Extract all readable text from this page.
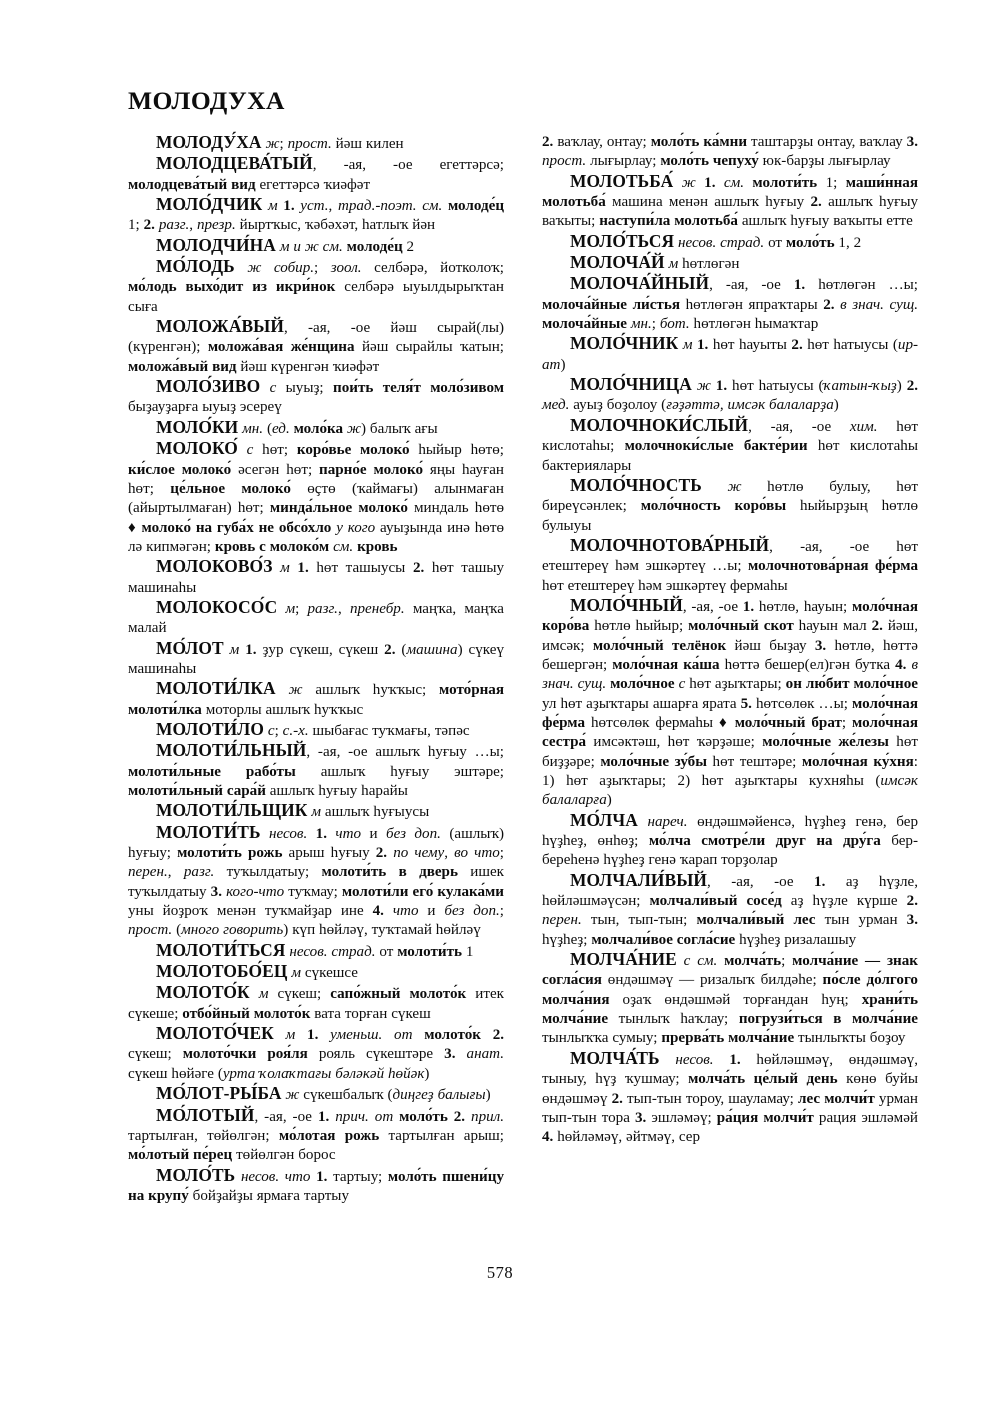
МОЛОДУХА

МОЛОДУ́ХА ж; прост. йәш килен

МОЛОДЦЕВА́ТЫЙ, -ая, -ое егеттәрсә; молодцева́тый вид егеттәрсә ҡиәфәт

МОЛО́ДЧИК м 1. уст., трад.-поэт. см. молоде́ц 1; 2. разг., презр. йыртҡыс, ҡәбәхәт, һатлыҡ йән

МОЛОДЧИ́НА м и ж см. молоде́ц 2

МО́ЛОДЬ ж собир.; зоол. селбәрә, йотколоҡ; мо́лодь выхо́дит из икри́нок селбәрә ыуылдырыҡтан сыға

МОЛОЖА́ВЫЙ, -ая, -ое йәш сырай(лы) (күренгән); моложа́вая же́нщина йәш сырайлы ҡатын; моложа́вый вид йәш күренгән ҡиәфәт

МОЛО́ЗИВО с ыуыҙ; пои́ть теля́т моло́зивом быҙауҙарға ыуыҙ эсереү

МОЛО́КИ мн. (ед. моло́ка ж) балыҡ ағы

МОЛОКО́ с һөт; коро́вье молоко́ һыйыр һөтө; ки́слое молоко́ әсегән һөт; парно́е молоко́ яңы һауған һөт; це́льное молоко́ өҫтө (ҡаймағы) алынмаған (айыртылмаған) һөт; минда́льное молоко́ миндаль һөтө ♦ молоко́ на губа́х не обсо́хло у кого ауыҙында инә һөтө лә кипмәгән; кровь с молоко́м см. кровь

МОЛОКОВО́З м 1. һөт ташыусы 2. һөт ташыу машинаһы

МОЛОКОСО́С м; разг., пренебр. маңҡа, маңҡа малай

МО́ЛОТ м 1. ҙур сүкеш, сүкеш 2. (машина) сүкеү машинаһы

МОЛОТИ́ЛКА ж ашлыҡ һуҡҡыс; мото́рная молоти́лка моторлы ашлыҡ һуҡҡыс

МОЛОТИ́ЛО с; с.-х. шыбағас туҡмағы, тәпәс

МОЛОТИ́ЛЬНЫЙ, -ая, -ое ашлыҡ һуғыу …ы; молоти́льные рабо́ты ашлыҡ һуғыу эштәре; молоти́льный сара́й ашлыҡ һуғыу һарайы

МОЛОТИ́ЛЬЩИК м ашлыҡ һуғыусы

МОЛОТИ́ТЬ несов. 1. что и без доп. (ашлыҡ) һуғыу; молоти́ть рожь арыш һуғыу 2. по чему, во что; перен., разг. туҡылдатыу; молоти́ть в дверь ишек туҡылдатыу 3. кого-что туҡмау; молоти́ли его́ кулака́ми уны йоҙроҡ менән туҡмайҙар ине 4. что и без доп.; прост. (много говорить) күп һөйләү, туҡтамай һөйләү

МОЛОТИ́ТЬСЯ несов. страд. от молоти́ть 1

МОЛОТОБО́ЕЦ м сүкешсе

МОЛОТО́К м сүкеш; сапо́жный молото́к итек сүкеше; отбо́йный молото́к вата торған сүкеш

МОЛОТО́ЧЕК м 1. уменьш. от молото́к 2. сүкеш; молото́чки роя́ля рояль сүкештәре 3. анат. сүкеш һөйәге (урта ҡолаҡтағы бәләкәй һөйәк)

МО́ЛОТ-РЫ́БА ж сүкешбалыҡ (диңгеҙ балығы)

МО́ЛОТЫЙ, -ая, -ое 1. прич. от моло́ть 2. прил. тартылған, төйөлгән; мо́лотая рожь тартылған арыш; мо́лотый пе́рец төйөлгән борос

МОЛО́ТЬ несов. что 1. тартыу; моло́ть пшени́цу на крупу́ бойҙайҙы ярмаға тартыу

2. ваҡлау, онтау; моло́ть ка́мни таштарҙы онтау, ваҡлау 3. прост. лығырлау; моло́ть чепуху́ юк-барҙы лығырлау

МОЛОТЬБА́ ж 1. см. молоти́ть 1; маши́нная молотьба́ машина менән ашлыҡ һуғыу 2. ашлыҡ һуғыу ваҡыты; наступи́ла молотьба́ ашлыҡ һуғыу ваҡыты етте

МОЛО́ТЬСЯ несов. страд. от моло́ть 1, 2

МОЛОЧА́Й м һөтлөгән

МОЛОЧА́ЙНЫЙ, -ая, -ое 1. һөтлөгән …ы; молоча́йные ли́стья һөтлөгән япраҡтары 2. в знач. сущ. молоча́йные мн.; бот. һөтлөгән һымаҡтар

МОЛО́ЧНИК м 1. һөт һауыты 2. һөт һатыусы (ир-ат)

МОЛО́ЧНИЦА ж 1. һөт һатыусы (ҡатын-ҡыҙ) 2. мед. ауыҙ боҙолоу (ғәҙәттә, имсәк балаларҙа)

МОЛОЧНОКИ́СЛЫЙ, -ая, -ое хим. һөт кислотаһы; молочноки́слые бакте́рии һөт кислотаһы бактериялары

МОЛО́ЧНОСТЬ ж һөтлө булыу, һөт биреүсәнлек; моло́чность коро́вы һыйырҙың һөтлө булыуы

МОЛОЧНОТОВА́РНЫЙ, -ая, -ое һөт етештереү һәм эшкәртеү …ы; молочнотова́рная фе́рма һөт етештереү һәм эшкәртеү фермаһы

МОЛО́ЧНЫЙ, -ая, -ое 1. һөтлө, һауын; моло́чная коро́ва һөтлө һыйыр; моло́чный скот һауын мал 2. йәш, имсәк; моло́чный телёнок йәш быҙау 3. һөтлө, һөттә бешергән; моло́чная ка́ша һөттә бешер(ел)гән бутка 4. в знач. сущ. моло́чное с һөт аҙыҡтары; он лю́бит моло́чное ул һөт аҙыҡтары ашарға ярата 5. һөтсөлөк …ы; моло́чная фе́рма һөтсөлөк фермаһы ♦ моло́чный брат; моло́чная сестра́ имсәктәш, һөт ҡәрҙәше; моло́чные же́лезы һөт биҙҙәре; моло́чные зу́бы һөт тештәре; моло́чная ку́хня: 1) һөт аҙыҡтары; 2) һөт аҙыҡтары кухняһы (имсәк балаларға)

МО́ЛЧА нареч. өндәшмәйенсә, һүҙһеҙ генә, бер һүҙһеҙ, өнһөҙ; мо́лча смотре́ли друг на дру́га бер-береһенә һүҙһеҙ генә ҡарап торҙолар

МОЛЧАЛИ́ВЫЙ, -ая, -ое 1. аҙ һүҙле, һөйләшмәүсән; молчали́вый сосе́д аҙ һүҙле күрше 2. перен. тын, тып-тын; молчали́вый лес тын урман 3. һүҙһеҙ; молчали́вое согла́сие һүҙһеҙ ризалашыу

МОЛЧА́НИЕ с см. молча́ть; молча́ние — знак согла́сия өндәшмәү — ризалыҡ билдәһе; по́сле до́лгого молча́ния оҙаҡ өндәшмәй торғандан һуң; храни́ть молча́ние тынлыҡ һаҡлау; погрузи́ться в молча́ние тынлыҡҡа сумыу; прерва́ть молча́ние тынлыҡты боҙоу

МОЛЧА́ТЬ несов. 1. һөйләшмәү, өндәшмәү, тыныу, һүҙ ҡушмау; молча́ть це́лый день көнө буйы өндәшмәү 2. тып-тын тороу, шауламау; лес молчи́т урман тып-тын тора 3. эшләмәү; ра́ция молчи́т рация эшләмәй 4. һөйләмәү, әйтмәү, сер

578
